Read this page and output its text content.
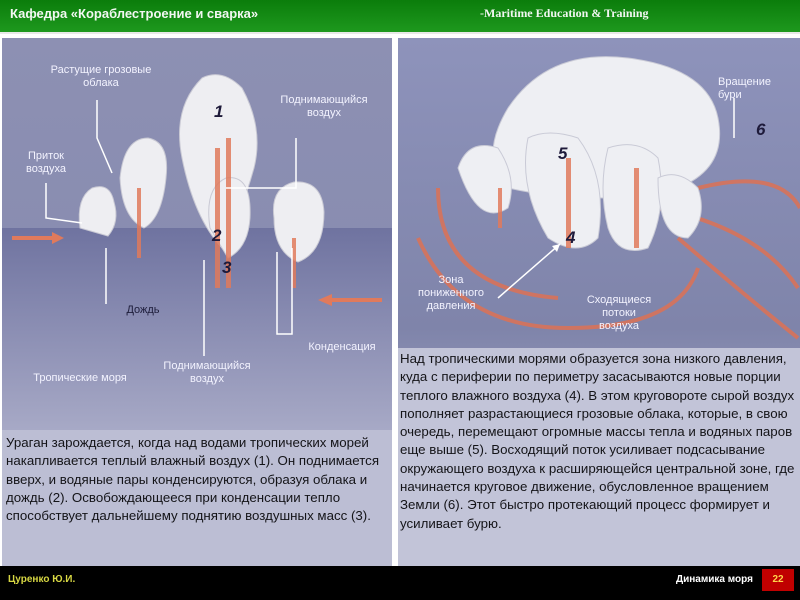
Кафедра «Кораблестроение и сварка»	-Maritime Education & Training
Растущие грозовые
облака
Поднимающийся
воздух
Приток
воздуха
Дождь
Конденсация
Тропические моря
Поднимающийся
воздух
1
2
3
Ураган зарождается, когда над водами тропических морей накапливается теплый влажный воздух (1). Он поднимается вверх, и водяные пары конденсируются, образуя облака и дождь (2). Освобождающееся при конденсации тепло способствует дальнейшему поднятию воздушных масс (3).
Вращение
бури
Зона
пониженного
давления	Сходящиеся
потоки
воздуха
5
4
6
Над тропическими морями образуется зона низкого давления, куда с периферии по периметру засасываются новые порции теплого влажного воздуха (4). В этом круговороте сырой воздух пополняет разрастающиеся грозовые облака, которые, в свою очередь, перемещают огромные массы тепла и водяных паров еще выше (5). Восходящий поток усиливает подсасывание окружающего воздуха к расширяющейся центральной зоне, где начинается круговое движение, обусловленное вращением Земли (6). Этот быстро протекающий процесс формирует и усиливает бурю.
Цуренко Ю.И.	Динамика моря	22
